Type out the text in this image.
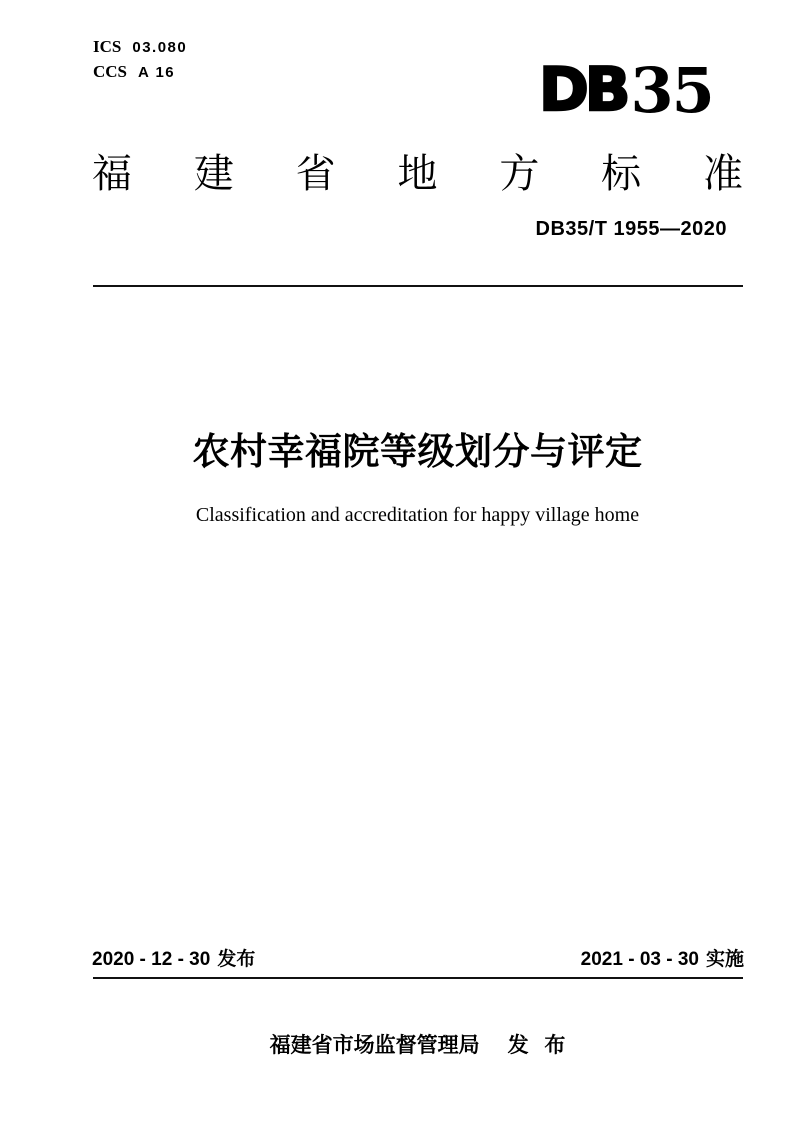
ICS 03.080
CCS A 16	DB 35
福 建 省 地 方 标 准
DB35/T 1955—2020
农村幸福院等级划分与评定
Classification and accreditation for happy village home
2020 - 12 - 30 发布	2021 - 03 - 30 实施
福建省市场监督管理局 发 布
